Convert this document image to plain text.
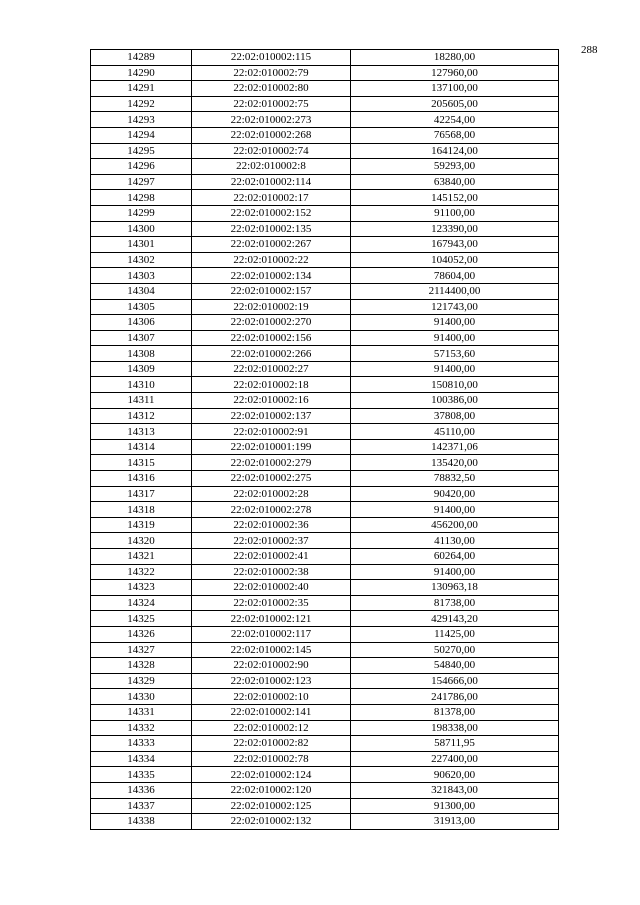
288
14289	22:02:010002:115	18280,00
14290	22:02:010002:79	127960,00
14291	22:02:010002:80	137100,00
14292	22:02:010002:75	205605,00
14293	22:02:010002:273	42254,00
14294	22:02:010002:268	76568,00
14295	22:02:010002:74	164124,00
14296	22:02:010002:8	59293,00
14297	22:02:010002:114	63840,00
14298	22:02:010002:17	145152,00
14299	22:02:010002:152	91100,00
14300	22:02:010002:135	123390,00
14301	22:02:010002:267	167943,00
14302	22:02:010002:22	104052,00
14303	22:02:010002:134	78604,00
14304	22:02:010002:157	2114400,00
14305	22:02:010002:19	121743,00
14306	22:02:010002:270	91400,00
14307	22:02:010002:156	91400,00
14308	22:02:010002:266	57153,60
14309	22:02:010002:27	91400,00
14310	22:02:010002:18	150810,00
14311	22:02:010002:16	100386,00
14312	22:02:010002:137	37808,00
14313	22:02:010002:91	45110,00
14314	22:02:010001:199	142371,06
14315	22:02:010002:279	135420,00
14316	22:02:010002:275	78832,50
14317	22:02:010002:28	90420,00
14318	22:02:010002:278	91400,00
14319	22:02:010002:36	456200,00
14320	22:02:010002:37	41130,00
14321	22:02:010002:41	60264,00
14322	22:02:010002:38	91400,00
14323	22:02:010002:40	130963,18
14324	22:02:010002:35	81738,00
14325	22:02:010002:121	429143,20
14326	22:02:010002:117	11425,00
14327	22:02:010002:145	50270,00
14328	22:02:010002:90	54840,00
14329	22:02:010002:123	154666,00
14330	22:02:010002:10	241786,00
14331	22:02:010002:141	81378,00
14332	22:02:010002:12	198338,00
14333	22:02:010002:82	58711,95
14334	22:02:010002:78	227400,00
14335	22:02:010002:124	90620,00
14336	22:02:010002:120	321843,00
14337	22:02:010002:125	91300,00
14338	22:02:010002:132	31913,00
